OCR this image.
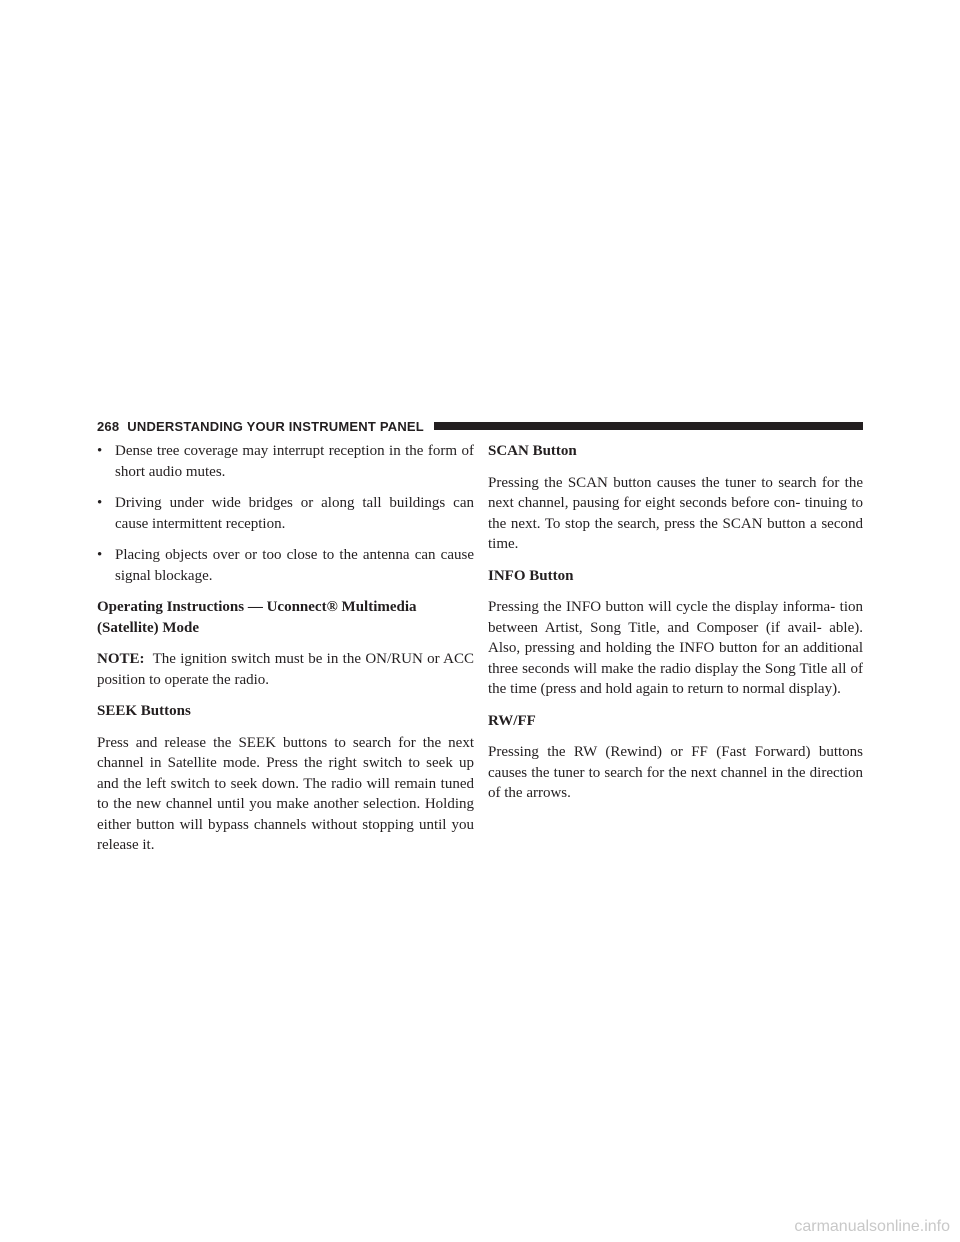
268 UNDERSTANDING YOUR INSTRUMENT PANEL
• Dense tree coverage may interrupt reception in the form of short audio mutes.
• Driving under wide bridges or along tall buildings can cause intermittent reception.
• Placing objects over or too close to the antenna can cause signal blockage.
Operating Instructions — Uconnect® Multimedia (Satellite) Mode

NOTE: The ignition switch must be in the ON/RUN or ACC position to operate the radio.

SEEK Buttons

Press and release the SEEK buttons to search for the next channel in Satellite mode. Press the right switch to seek up and the left switch to seek down. The radio will remain tuned to the new channel until you make another selection. Holding either button will bypass channels without stopping until you release it.

SCAN Button

Pressing the SCAN button causes the tuner to search for the next channel, pausing for eight seconds before con- tinuing to the next. To stop the search, press the SCAN button a second time.

INFO Button

Pressing the INFO button will cycle the display informa- tion between Artist, Song Title, and Composer (if avail- able). Also, pressing and holding the INFO button for an additional three seconds will make the radio display the Song Title all of the time (press and hold again to return to normal display).

RW/FF

Pressing the RW (Rewind) or FF (Fast Forward) buttons causes the tuner to search for the next channel in the direction of the arrows.

carmanualsonline.info
